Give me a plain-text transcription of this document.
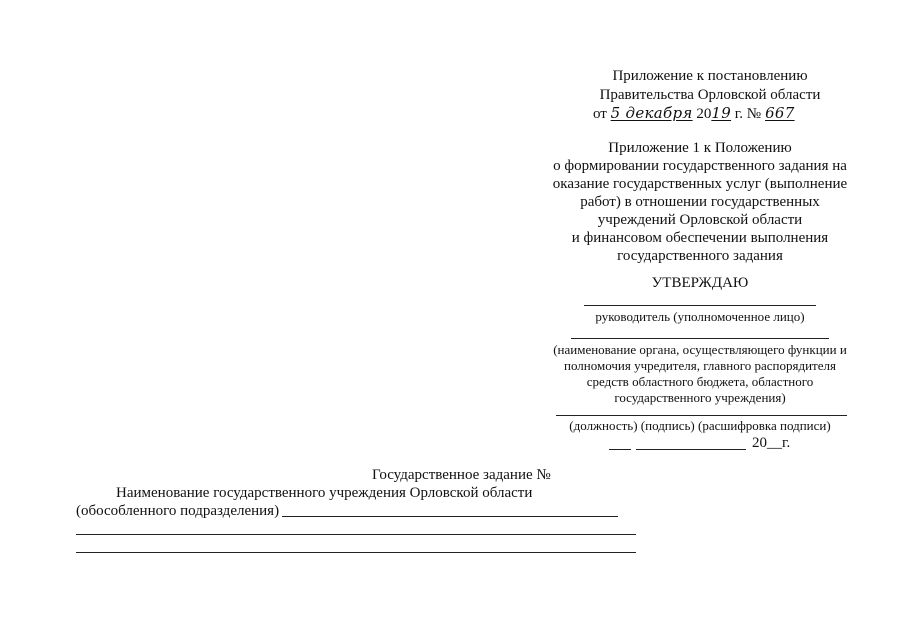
Приложение к постановлению
Правительства Орловской области
от 5 декабря 2019 г. № 667
Приложение 1 к Положению
о формировании государственного задания на
оказание государственных услуг (выполнение
работ) в отношении государственных
учреждений Орловской области
и финансовом обеспечении выполнения
государственного задания
УТВЕРЖДАЮ
руководитель (уполномоченное лицо)
(наименование органа, осуществляющего функции и
полномочия учредителя, главного распорядителя
средств областного бюджета, областного
государственного учреждения)
(должность) (подпись) (расшифровка подписи)
20__г.
Государственное задание №
Наименование государственного учреждения Орловской области
(обособленного подразделения)
